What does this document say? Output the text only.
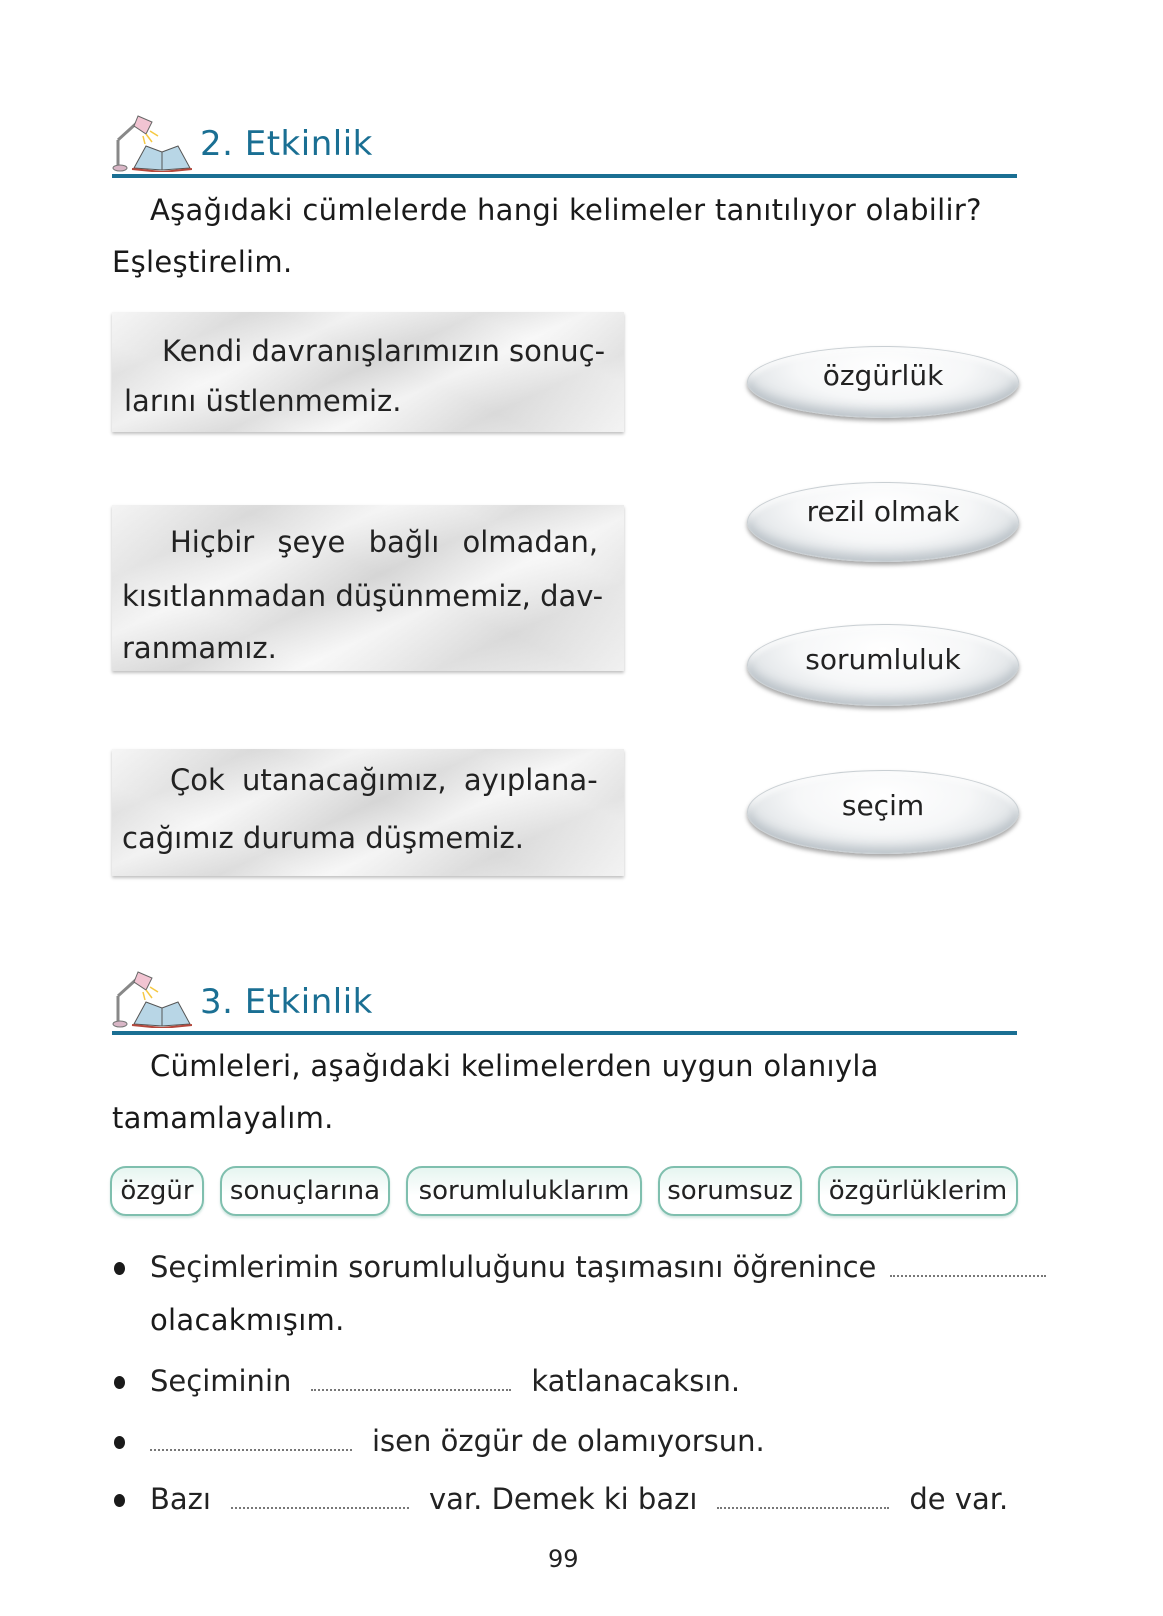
2. Etkinlik
Aşağıdaki cümlelerde hangi kelimeler tanıtılıyor olabilir?
Eşleştirelim.
Kendi davranışlarımızın sonuç-
larını üstlenmemiz.
Hiçbir şeye bağlı olmadan,
kısıtlanmadan düşünmemiz, dav-
ranmamız.
Çok utanacağımız, ayıplana-
cağımız duruma düşmemiz.
özgürlük
rezil olmak
sorumluluk
seçim
3. Etkinlik
Cümleleri, aşağıdaki kelimelerden uygun olanıyla
tamamlayalım.
özgür	sonuçlarına	sorumluluklarım	sorumsuz	özgürlüklerim
Seçimlerimin sorumluluğunu taşımasını öğrenince
olacakmışım.
Seçiminin	katlanacaksın.
isen özgür de olamıyorsun.
Bazı	var. Demek ki bazı	de var.
99
